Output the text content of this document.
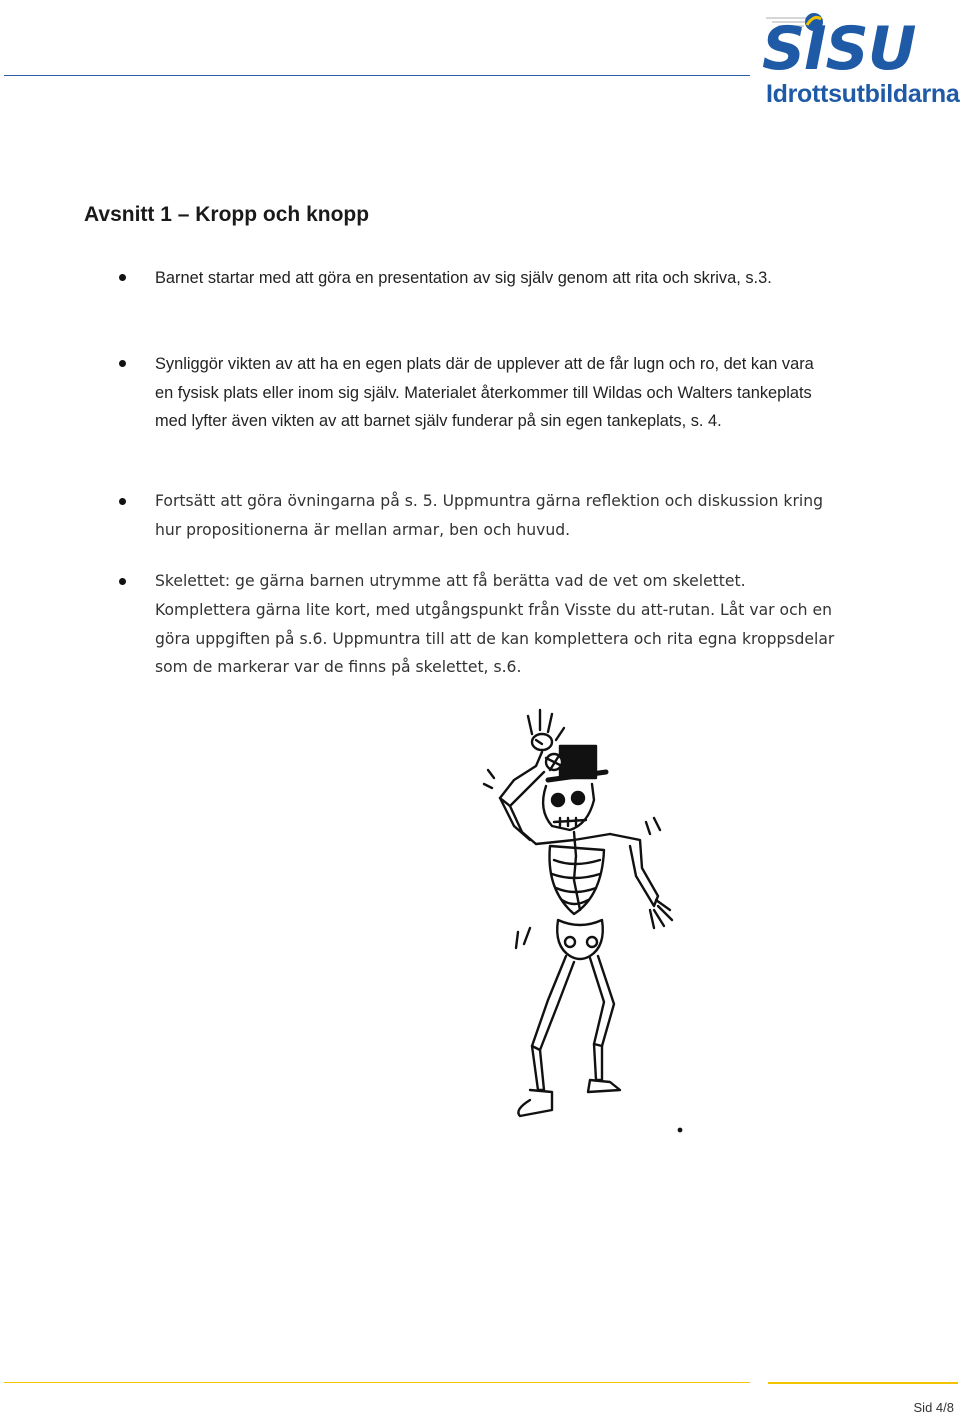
SISU
Idrottsutbildarna
Avsnitt 1 – Kropp och knopp
Barnet startar med att göra en presentation av sig själv genom att rita och skriva, s.3.
Synliggör vikten av att ha en egen plats där de upplever att de får lugn och ro, det kan vara en fysisk plats eller inom sig själv. Materialet återkommer till Wildas och Walters tankeplats med lyfter även vikten av att barnet själv funderar på sin egen tankeplats, s. 4.
Fortsätt att göra övningarna på s. 5. Uppmuntra gärna reflektion och diskussion kring hur propositionerna är mellan armar, ben och huvud.
Skelettet: ge gärna barnen utrymme att få berätta vad de vet om skelettet. Komplettera gärna lite kort, med utgångspunkt från Visste du att-rutan. Låt var och en göra uppgiften på s.6. Uppmuntra till att de kan komplettera och rita egna kroppsdelar som de markerar var de finns på skelettet, s.6.
Sid 4/8
